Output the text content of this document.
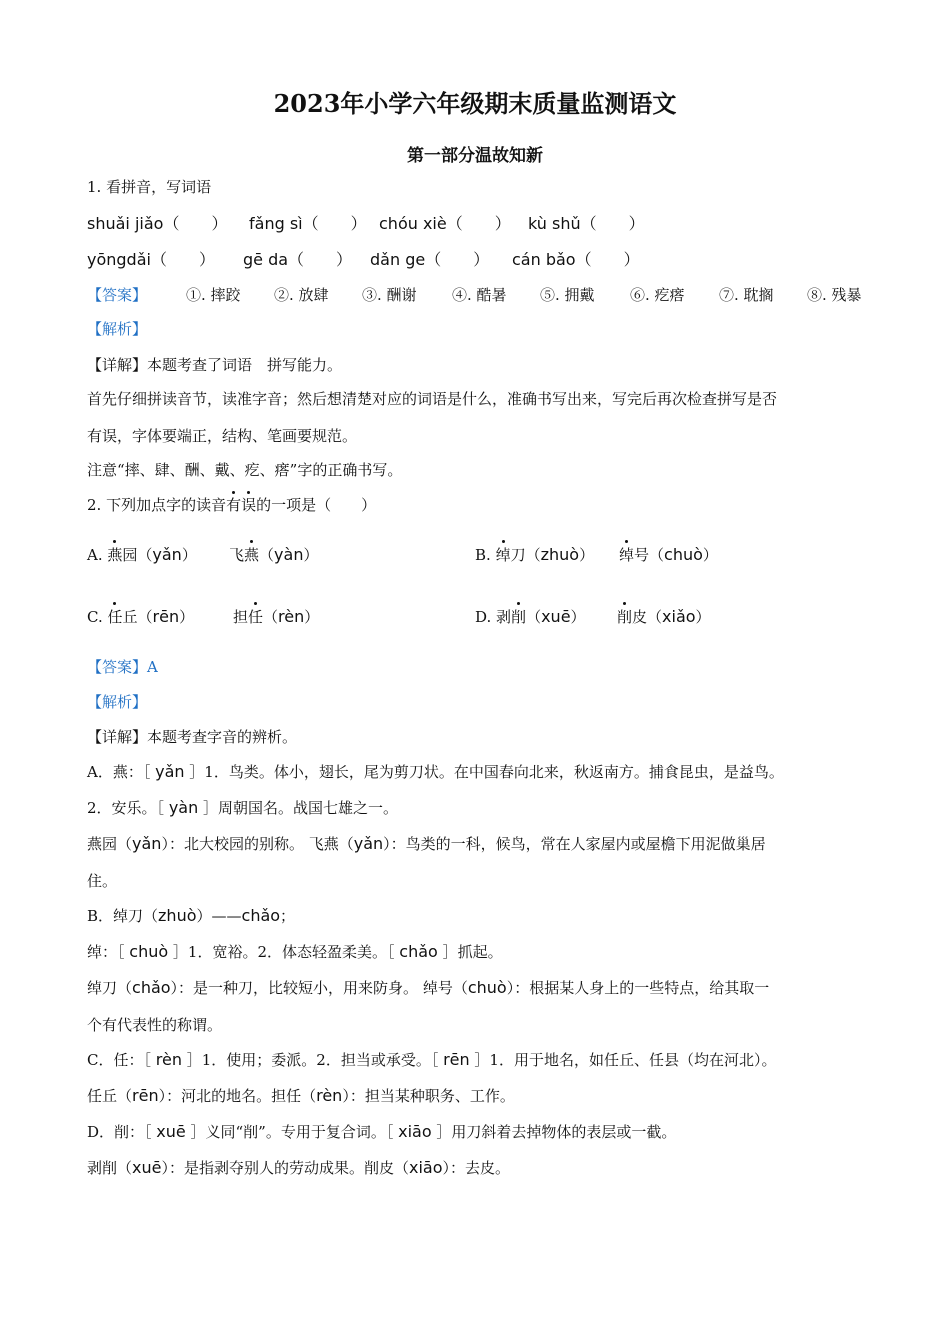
2023年小学六年级期末质量监测语文
第一部分温故知新
1. 看拼音，写词语
shuǎi jiǎo（　　） fǎng sì（　　） chóu xiè（　　） kù shǔ（　　）
yōngdǎi（　　） gē da（　　） dǎn ge（　　） cán bǎo（　　）
【答案】	①. 摔跤 ②. 放肆 ③. 酬谢 ④. 酷暑 ⑤. 拥戴 ⑥. 疙瘩 ⑦. 耽搁 ⑧. 残暴
【解析】
【详解】本题考查了词语　拼写能力。
首先仔细拼读音节，读准字音；然后想清楚对应的词语是什么，准确书写出来，写完后再次检查拼写是否
有误，字体要端正，结构、笔画要规范。
注意“摔、肆、酬、戴、疙、瘩”字的正确书写。
2. 下列加点字的读音有误的一项是（　　）
A. 燕园（yǎn） 飞燕（yàn）	B. 绰刀（zhuò） 绰号（chuò）
C. 任丘（rēn）	担任（rèn）	D. 剥削（xuē） 削皮（xiǎo）
【答案】A
【解析】
【详解】本题考查字音的辨析。
A．燕：［ yǎn ］1．鸟类。体小，翅长，尾为剪刀状。在中国春向北来，秋返南方。捕食昆虫，是益鸟。
2．安乐。［ yàn ］周朝国名。战国七雄之一。
燕园（yǎn）：北大校园的别称。 飞燕（yǎn）：鸟类的一科，候鸟，常在人家屋内或屋檐下用泥做巢居
住。
B．绰刀（zhuò）——chǎo；
绰：［ chuò ］1．宽裕。2．体态轻盈柔美。［ chǎo ］抓起。
绰刀（chǎo）：是一种刀，比较短小，用来防身。 绰号（chuò）：根据某人身上的一些特点，给其取一
个有代表性的称谓。
C．任：［ rèn ］1．使用；委派。2．担当或承受。［ rēn ］1．用于地名，如任丘、任县（均在河北）。
任丘（rēn）：河北的地名。担任（rèn）：担当某种职务、工作。
D．削：［ xuē ］义同“削”。专用于复合词。［ xiāo ］用刀斜着去掉物体的表层或一截。
剥削（xuē）：是指剥夺别人的劳动成果。削皮（xiāo）：去皮。
